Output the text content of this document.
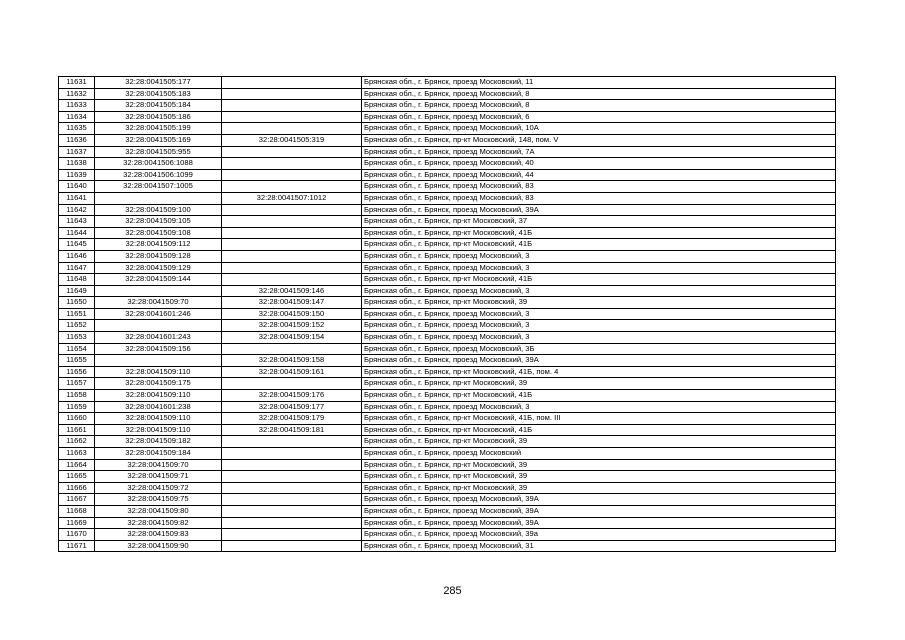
11631	32:28:0041505:177		Брянская обл., г. Брянск, проезд Московский, 11
11632	32:28:0041505:183		Брянская обл., г. Брянск, проезд Московский, 8
11633	32:28:0041505:184		Брянская обл., г. Брянск, проезд Московский, 8
11634	32:28:0041505:186		Брянская обл., г. Брянск, проезд Московский, 6
11635	32:28:0041505:199		Брянская обл., г. Брянск, проезд Московский, 10А
11636	32:28:0041505:169	32:28:0041505:319	Брянская обл., г. Брянск, пр-кт Московский, 148, пом. V
11637	32:28:0041505:955		Брянская обл., г. Брянск, проезд Московский, 7А
11638	32:28:0041506:1088		Брянская обл., г. Брянск, проезд Московский, 40
11639	32:28:0041506:1099		Брянская обл., г. Брянск, проезд Московский, 44
11640	32:28:0041507:1005		Брянская обл., г. Брянск, проезд Московский, 83
11641		32:28:0041507:1012	Брянская обл., г. Брянск, проезд Московский, 83
11642	32:28:0041509:100		Брянская обл., г. Брянск, проезд Московский, 39А
11643	32:28:0041509:105		Брянская обл., г. Брянск, пр-кт Московский, 37
11644	32:28:0041509:108		Брянская обл., г. Брянск, пр-кт Московский, 41Б
11645	32:28:0041509:112		Брянская обл., г. Брянск, пр-кт Московский, 41Б
11646	32:28:0041509:128		Брянская обл., г. Брянск, проезд Московский, 3
11647	32:28:0041509:129		Брянская обл., г. Брянск, проезд Московский, 3
11648	32:28:0041509:144		Брянская обл., г. Брянск, пр-кт Московский, 41Б
11649		32:28:0041509:146	Брянская обл., г. Брянск, проезд Московский, 3
11650	32:28:0041509:70	32:28:0041509:147	Брянская обл., г. Брянск, пр-кт Московский, 39
11651	32:28:0041601:246	32:28:0041509:150	Брянская обл., г. Брянск, проезд Московский, 3
11652		32:28:0041509:152	Брянская обл., г. Брянск, проезд Московский, 3
11653	32:28:0041601:243	32:28:0041509:154	Брянская обл., г. Брянск, проезд Московский, 3
11654	32:28:0041509:156		Брянская обл., г. Брянск, проезд Московский, 3Б
11655		32:28:0041509:158	Брянская обл., г. Брянск, проезд Московский, 39А
11656	32:28:0041509:110	32:28:0041509:161	Брянская обл., г. Брянск, пр-кт Московский, 41Б, пом. 4
11657	32:28:0041509:175		Брянская обл., г. Брянск, пр-кт Московский, 39
11658	32:28:0041509:110	32:28:0041509:176	Брянская обл., г. Брянск, пр-кт Московский, 41Б
11659	32:28:0041601:238	32:28:0041509:177	Брянская обл., г. Брянск, проезд Московский, 3
11660	32:28:0041509:110	32:28:0041509:179	Брянская обл., г. Брянск, пр-кт Московский, 41Б, пом. III
11661	32:28:0041509:110	32:28:0041509:181	Брянская обл., г. Брянск, пр-кт Московский, 41Б
11662	32:28:0041509:182		Брянская обл., г. Брянск, пр-кт Московский, 39
11663	32:28:0041509:184		Брянская обл., г. Брянск, проезд Московский
11664	32:28:0041509:70		Брянская обл., г. Брянск, пр-кт Московский, 39
11665	32:28:0041509:71		Брянская обл., г. Брянск, пр-кт Московский, 39
11666	32:28:0041509:72		Брянская обл., г. Брянск, пр-кт Московский, 39
11667	32:28:0041509:75		Брянская обл., г. Брянск, проезд Московский, 39А
11668	32:28:0041509:80		Брянская обл., г. Брянск, проезд Московский, 39А
11669	32:28:0041509:82		Брянская обл., г. Брянск, проезд Московский, 39А
11670	32:28:0041509:83		Брянская обл., г. Брянск, проезд Московский, 39а
11671	32:28:0041509:90		Брянская обл., г. Брянск, проезд Московский, 31
285
